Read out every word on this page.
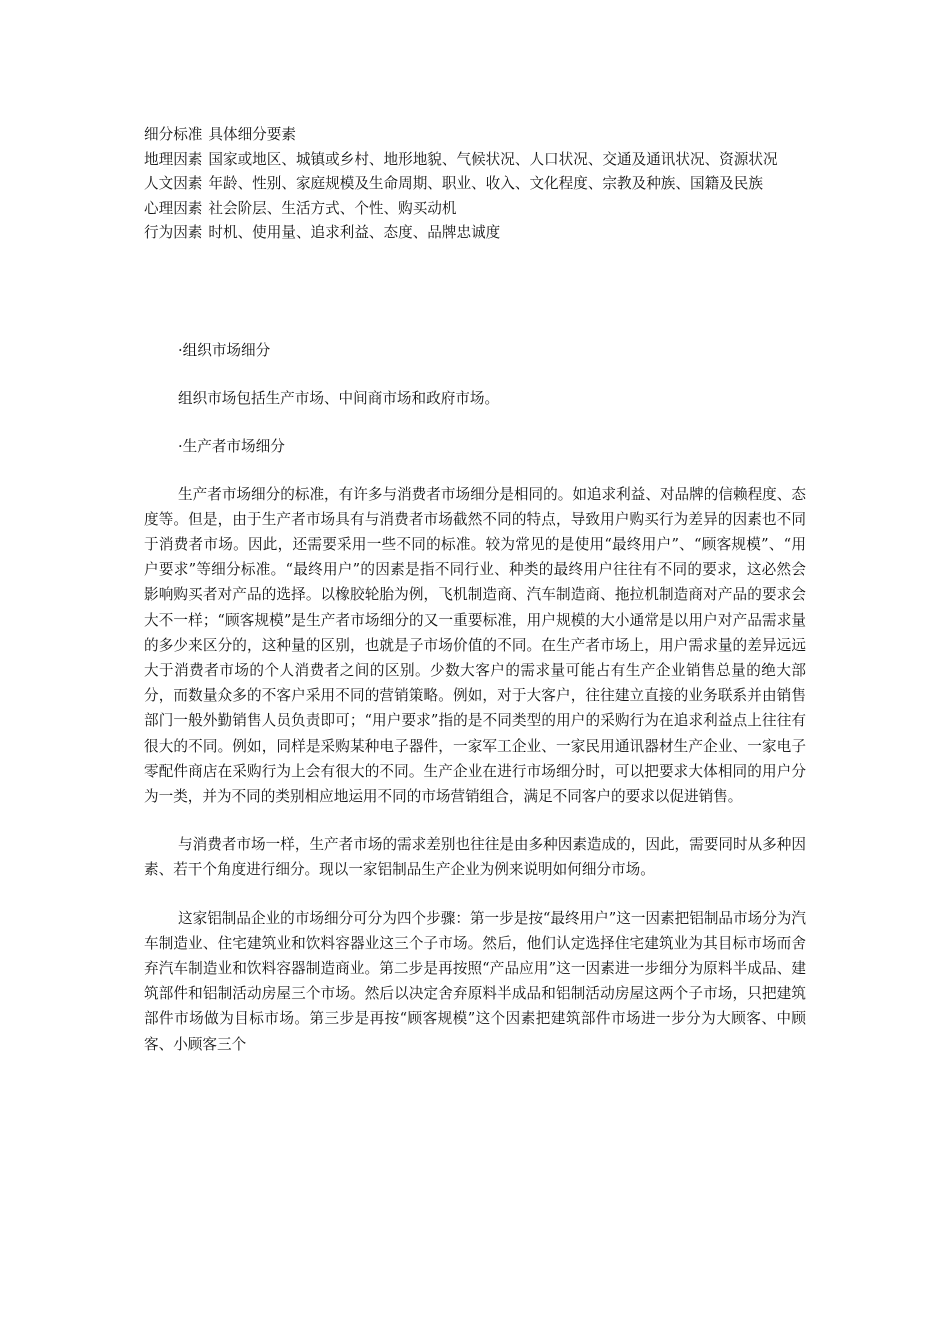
细分标准 具体细分要素

地理因素 国家或地区、城镇或乡村、地形地貌、气候状况、人口状况、交通及通讯状况、资源状况

人文因素 年龄、性别、家庭规模及生命周期、职业、收入、文化程度、宗教及种族、国籍及民族

心理因素 社会阶层、生活方式、个性、购买动机

行为因素 时机、使用量、追求利益、态度、品牌忠诚度

·组织市场细分

组织市场包括生产市场、中间商市场和政府市场。

·生产者市场细分

生产者市场细分的标准，有许多与消费者市场细分是相同的。如追求利益、对品牌的信赖程度、态度等。但是，由于生产者市场具有与消费者市场截然不同的特点，导致用户购买行为差异的因素也不同于消费者市场。因此，还需要采用一些不同的标准。较为常见的是使用“最终用户”、“顾客规模”、“用户要求”等细分标准。“最终用户”的因素是指不同行业、种类的最终用户往往有不同的要求，这必然会影响购买者对产品的选择。以橡胶轮胎为例，飞机制造商、汽车制造商、拖拉机制造商对产品的要求会大不一样；“顾客规模”是生产者市场细分的又一重要标准，用户规模的大小通常是以用户对产品需求量的多少来区分的，这种量的区别，也就是子市场价值的不同。在生产者市场上，用户需求量的差异远远大于消费者市场的个人消费者之间的区别。少数大客户的需求量可能占有生产企业销售总量的绝大部分，而数量众多的不客户采用不同的营销策略。例如，对于大客户，往往建立直接的业务联系并由销售部门一般外勤销售人员负责即可；“用户要求”指的是不同类型的用户的采购行为在追求利益点上往往有很大的不同。例如，同样是采购某种电子器件，一家军工企业、一家民用通讯器材生产企业、一家电子零配件商店在采购行为上会有很大的不同。生产企业在进行市场细分时，可以把要求大体相同的用户分为一类，并为不同的类别相应地运用不同的市场营销组合，满足不同客户的要求以促进销售。

与消费者市场一样，生产者市场的需求差别也往往是由多种因素造成的，因此，需要同时从多种因素、若干个角度进行细分。现以一家铝制品生产企业为例来说明如何细分市场。

这家铝制品企业的市场细分可分为四个步骤：第一步是按“最终用户”这一因素把铝制品市场分为汽车制造业、住宅建筑业和饮料容器业这三个子市场。然后，他们认定选择住宅建筑业为其目标市场而舍弃汽车制造业和饮料容器制造商业。第二步是再按照“产品应用”这一因素进一步细分为原料半成品、建筑部件和铝制活动房屋三个市场。然后以决定舍弃原料半成品和铝制活动房屋这两个子市场，只把建筑部件市场做为目标市场。第三步是再按“顾客规模”这个因素把建筑部件市场进一步分为大顾客、中顾客、小顾客三个
